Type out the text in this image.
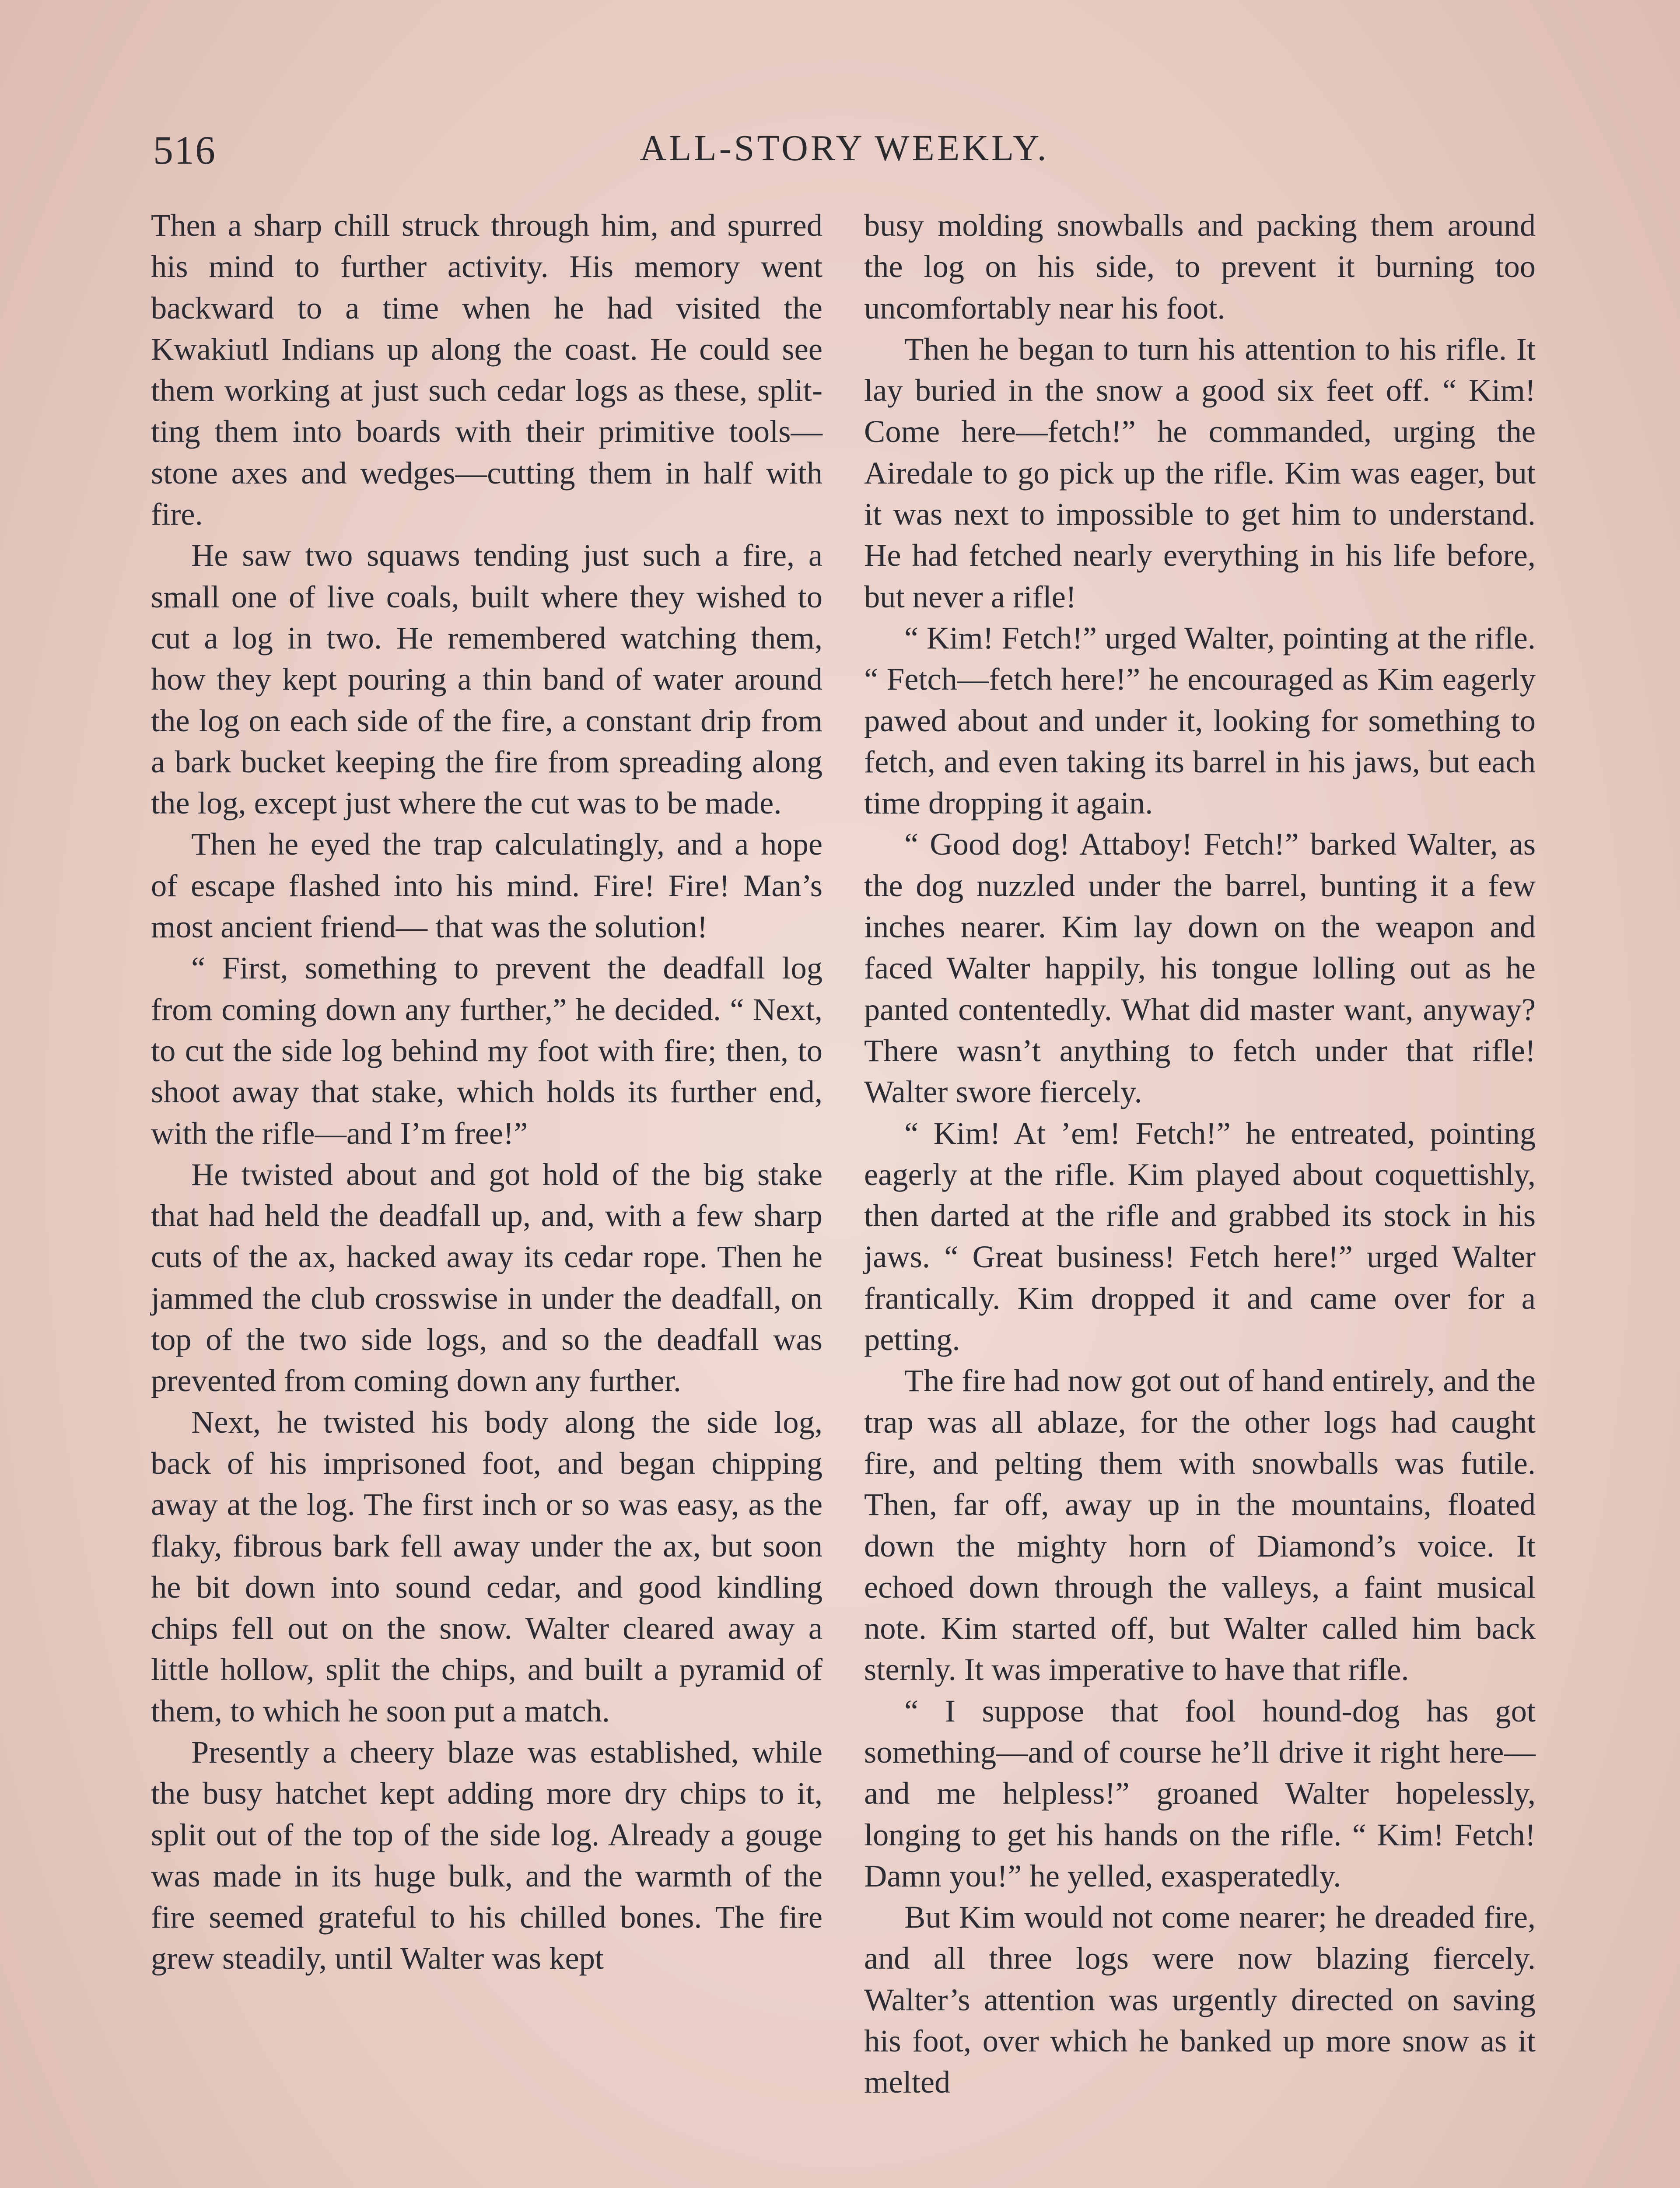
516	ALL-STORY WEEKLY.

Then a sharp chill struck through him, and spurred his mind to further activity. His memory went backward to a time when he had visited the Kwakiutl Indians up along the coast. He could see them working at just such cedar logs as these, splitting them into boards with their primitive tools—stone axes and wedges—cutting them in half with fire.

He saw two squaws tending just such a fire, a small one of live coals, built where they wished to cut a log in two. He remembered watching them, how they kept pouring a thin band of water around the log on each side of the fire, a constant drip from a bark bucket keeping the fire from spreading along the log, except just where the cut was to be made.

Then he eyed the trap calculatingly, and a hope of escape flashed into his mind. Fire! Fire! Man’s most ancient friend— that was the solution!

“ First, something to prevent the deadfall log from coming down any further,” he decided. “ Next, to cut the side log behind my foot with fire; then, to shoot away that stake, which holds its further end, with the rifle—and I’m free!”

He twisted about and got hold of the big stake that had held the deadfall up, and, with a few sharp cuts of the ax, hacked away its cedar rope. Then he jammed the club crosswise in under the deadfall, on top of the two side logs, and so the deadfall was prevented from coming down any further.

Next, he twisted his body along the side log, back of his imprisoned foot, and began chipping away at the log. The first inch or so was easy, as the flaky, fibrous bark fell away under the ax, but soon he bit down into sound cedar, and good kindling chips fell out on the snow. Walter cleared away a little hollow, split the chips, and built a pyramid of them, to which he soon put a match.

Presently a cheery blaze was established, while the busy hatchet kept adding more dry chips to it, split out of the top of the side log. Already a gouge was made in its huge bulk, and the warmth of the fire seemed grateful to his chilled bones. The fire grew steadily, until Walter was kept

busy molding snowballs and packing them around the log on his side, to prevent it burning too uncomfortably near his foot.

Then he began to turn his attention to his rifle. It lay buried in the snow a good six feet off. “ Kim! Come here—fetch!” he commanded, urging the Airedale to go pick up the rifle. Kim was eager, but it was next to impossible to get him to understand. He had fetched nearly everything in his life before, but never a rifle!

“ Kim! Fetch!” urged Walter, pointing at the rifle. “ Fetch—fetch here!” he encouraged as Kim eagerly pawed about and under it, looking for something to fetch, and even taking its barrel in his jaws, but each time dropping it again.

“ Good dog! Attaboy! Fetch!” barked Walter, as the dog nuzzled under the barrel, bunting it a few inches nearer. Kim lay down on the weapon and faced Walter happily, his tongue lolling out as he panted contentedly. What did master want, anyway? There wasn’t anything to fetch under that rifle! Walter swore fiercely.

“ Kim! At ’em! Fetch!” he entreated, pointing eagerly at the rifle. Kim played about coquettishly, then darted at the rifle and grabbed its stock in his jaws. “ Great business! Fetch here!” urged Walter frantically. Kim dropped it and came over for a petting.

The fire had now got out of hand entirely, and the trap was all ablaze, for the other logs had caught fire, and pelting them with snowballs was futile. Then, far off, away up in the mountains, floated down the mighty horn of Diamond’s voice. It echoed down through the valleys, a faint musical note. Kim started off, but Walter called him back sternly. It was imperative to have that rifle.

“ I suppose that fool hound-dog has got something—and of course he’ll drive it right here—and me helpless!” groaned Walter hopelessly, longing to get his hands on the rifle. “ Kim! Fetch! Damn you!” he yelled, exasperatedly.

But Kim would not come nearer; he dreaded fire, and all three logs were now blazing fiercely. Walter’s attention was urgently directed on saving his foot, over which he banked up more snow as it melted
